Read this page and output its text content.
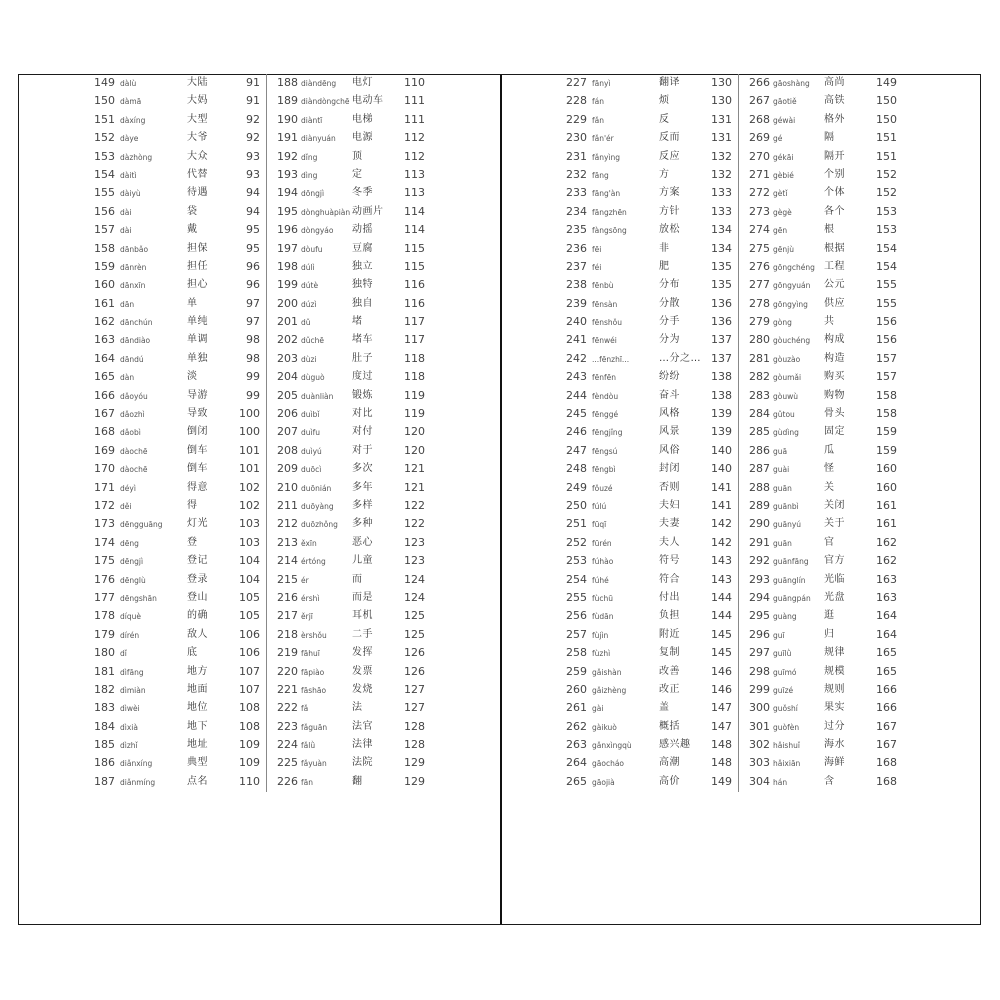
149 dàlù	大陆	91 188 diàndēng 电灯	110
150 dàmā	大妈	91 189 diàndòngchē 电动车	111
151 dàxíng	大型	92 190 diàntī	电梯	111
152 dàye	大爷	92 191 diànyuán 电源	112
153 dàzhòng	大众	93 192 dǐng	顶	112
154 dàitì	代替	93 193 dìng	定	113
155 dàiyù	待遇	94 194 dōngjì	冬季	113
156 dài	袋	94 195 dònghuàpiàn 动画片	114
157 dài	戴	95 196 dòngyáo 动摇	114
158 dānbǎo	担保	95 197 dòufu	豆腐	115
159 dānrèn	担任	96 198 dúlì	独立	115
160 dānxīn	担心	96 199 dútè	独特	116
161 dān	单	97 200 dúzì	独自	116
162 dānchún	单纯	97 201 dǔ	堵	117
163 dāndiào	单调	98 202 dǔchē	堵车	117
164 dāndú	单独	98 203 dùzi	肚子	118
165 dàn	淡	99 204 dùguò	度过	118
166 dǎoyóu	导游	99 205 duànliàn 锻炼	119
167 dǎozhì	导致	100 206 duìbǐ	对比	119
168 dǎobì	倒闭	100 207 duìfu	对付	120
169 dàochē	倒车	101 208 duìyú	对于	120
170 dàochē	倒车	101 209 duōcì	多次	121
171 déyì	得意	102 210 duōnián 多年	121
172 děi	得	102 211 duōyàng 多样	122
173 dēngguāng 灯光	103 212 duōzhǒng 多种	122
174 dēng	登	103 213 ěxīn	恶心	123
175 dēngjì	登记	104 214 értóng	儿童	123
176 dēnglù	登录	104 215 ér	而	124
177 dēngshān	登山	105 216 érshì	而是	124
178 díquè	的确	105 217 ěrjī	耳机	125
179 dírén	敌人	106 218 èrshǒu	二手	125
180 dǐ	底	106 219 fāhuī	发挥	126
181 dìfāng	地方	107 220 fāpiào	发票	126
182 dìmiàn	地面	107 221 fāshāo	发烧	127
183 dìwèi	地位	108 222 fǎ	法	127
184 dìxià	地下	108 223 fǎguān 法官	128
185 dìzhǐ	地址	109 224 fǎlǜ	法律	128
186 diǎnxíng	典型	109 225 fǎyuàn	法院	129
187 diǎnmíng	点名	110 226 fān	翻	129
227 fānyì	翻译	130 266 gāoshàng 高尚	149
228 fán	烦	130 267 gāotiě	高铁	150
229 fǎn	反	131 268 géwài	格外	150
230 fǎn'ér	反而	131 269 gé	隔	151
231 fǎnyìng	反应	132 270 gékāi	隔开	151
232 fāng	方	132 271 gèbié	个别	152
233 fāng'àn	方案	133 272 gètǐ	个体	152
234 fāngzhēn	方针	133 273 gègè	各个	153
235 fàngsōng	放松	134 274 gēn	根	153
236 fēi	非	134 275 gēnjù	根据	154
237 féi	肥	135 276 gōngchéng 工程	154
238 fēnbù	分布	135 277 gōngyuán 公元	155
239 fēnsàn	分散	136 278 gōngyìng 供应	155
240 fēnshǒu	分手	136 279 gòng	共	156
241 fēnwéi	分为	137 280 gòuchéng 构成	156
242 ...fēnzhī...	…分之… 137 281 gòuzào 构造	157
243 fēnfēn	纷纷	138 282 gòumǎi 购买	157
244 fèndòu	奋斗	138 283 gòuwù	购物	158
245 fēnggé	风格	139 284 gǔtou	骨头	158
246 fēngjǐng	风景	139 285 gùdìng	固定	159
247 fēngsú	风俗	140 286 guā	瓜	159
248 fēngbì	封闭	140 287 guài	怪	160
249 fǒuzé	否则	141 288 guān	关	160
250 fúlú	夫妇	141 289 guānbì	关闭	161
251 fūqī	夫妻	142 290 guānyú 关于	161
252 fūrén	夫人	142 291 guān	官	162
253 fúhào	符号	143 292 guānfāng 官方	162
254 fúhé	符合	143 293 guānglín 光临	163
255 fùchū	付出	144 294 guāngpán 光盘	163
256 fùdān	负担	144 295 guàng	逛	164
257 fùjìn	附近	145 296 guī	归	164
258 fùzhì	复制	145 297 guīlǜ	规律	165
259 gǎishàn	改善	146 298 guīmó	规模	165
260 gǎizhèng	改正	146 299 guīzé	规则	166
261 gài	盖	147 300 guǒshí	果实	166
262 gàikuò	概括	147 301 guòfèn 过分	167
263 gǎnxìngqù	感兴趣	148 302 hǎishuǐ 海水	167
264 gāocháo	高潮	148 303 hǎixiān 海鲜	168
265 gāojià	高价	149 304 hán	含	168
